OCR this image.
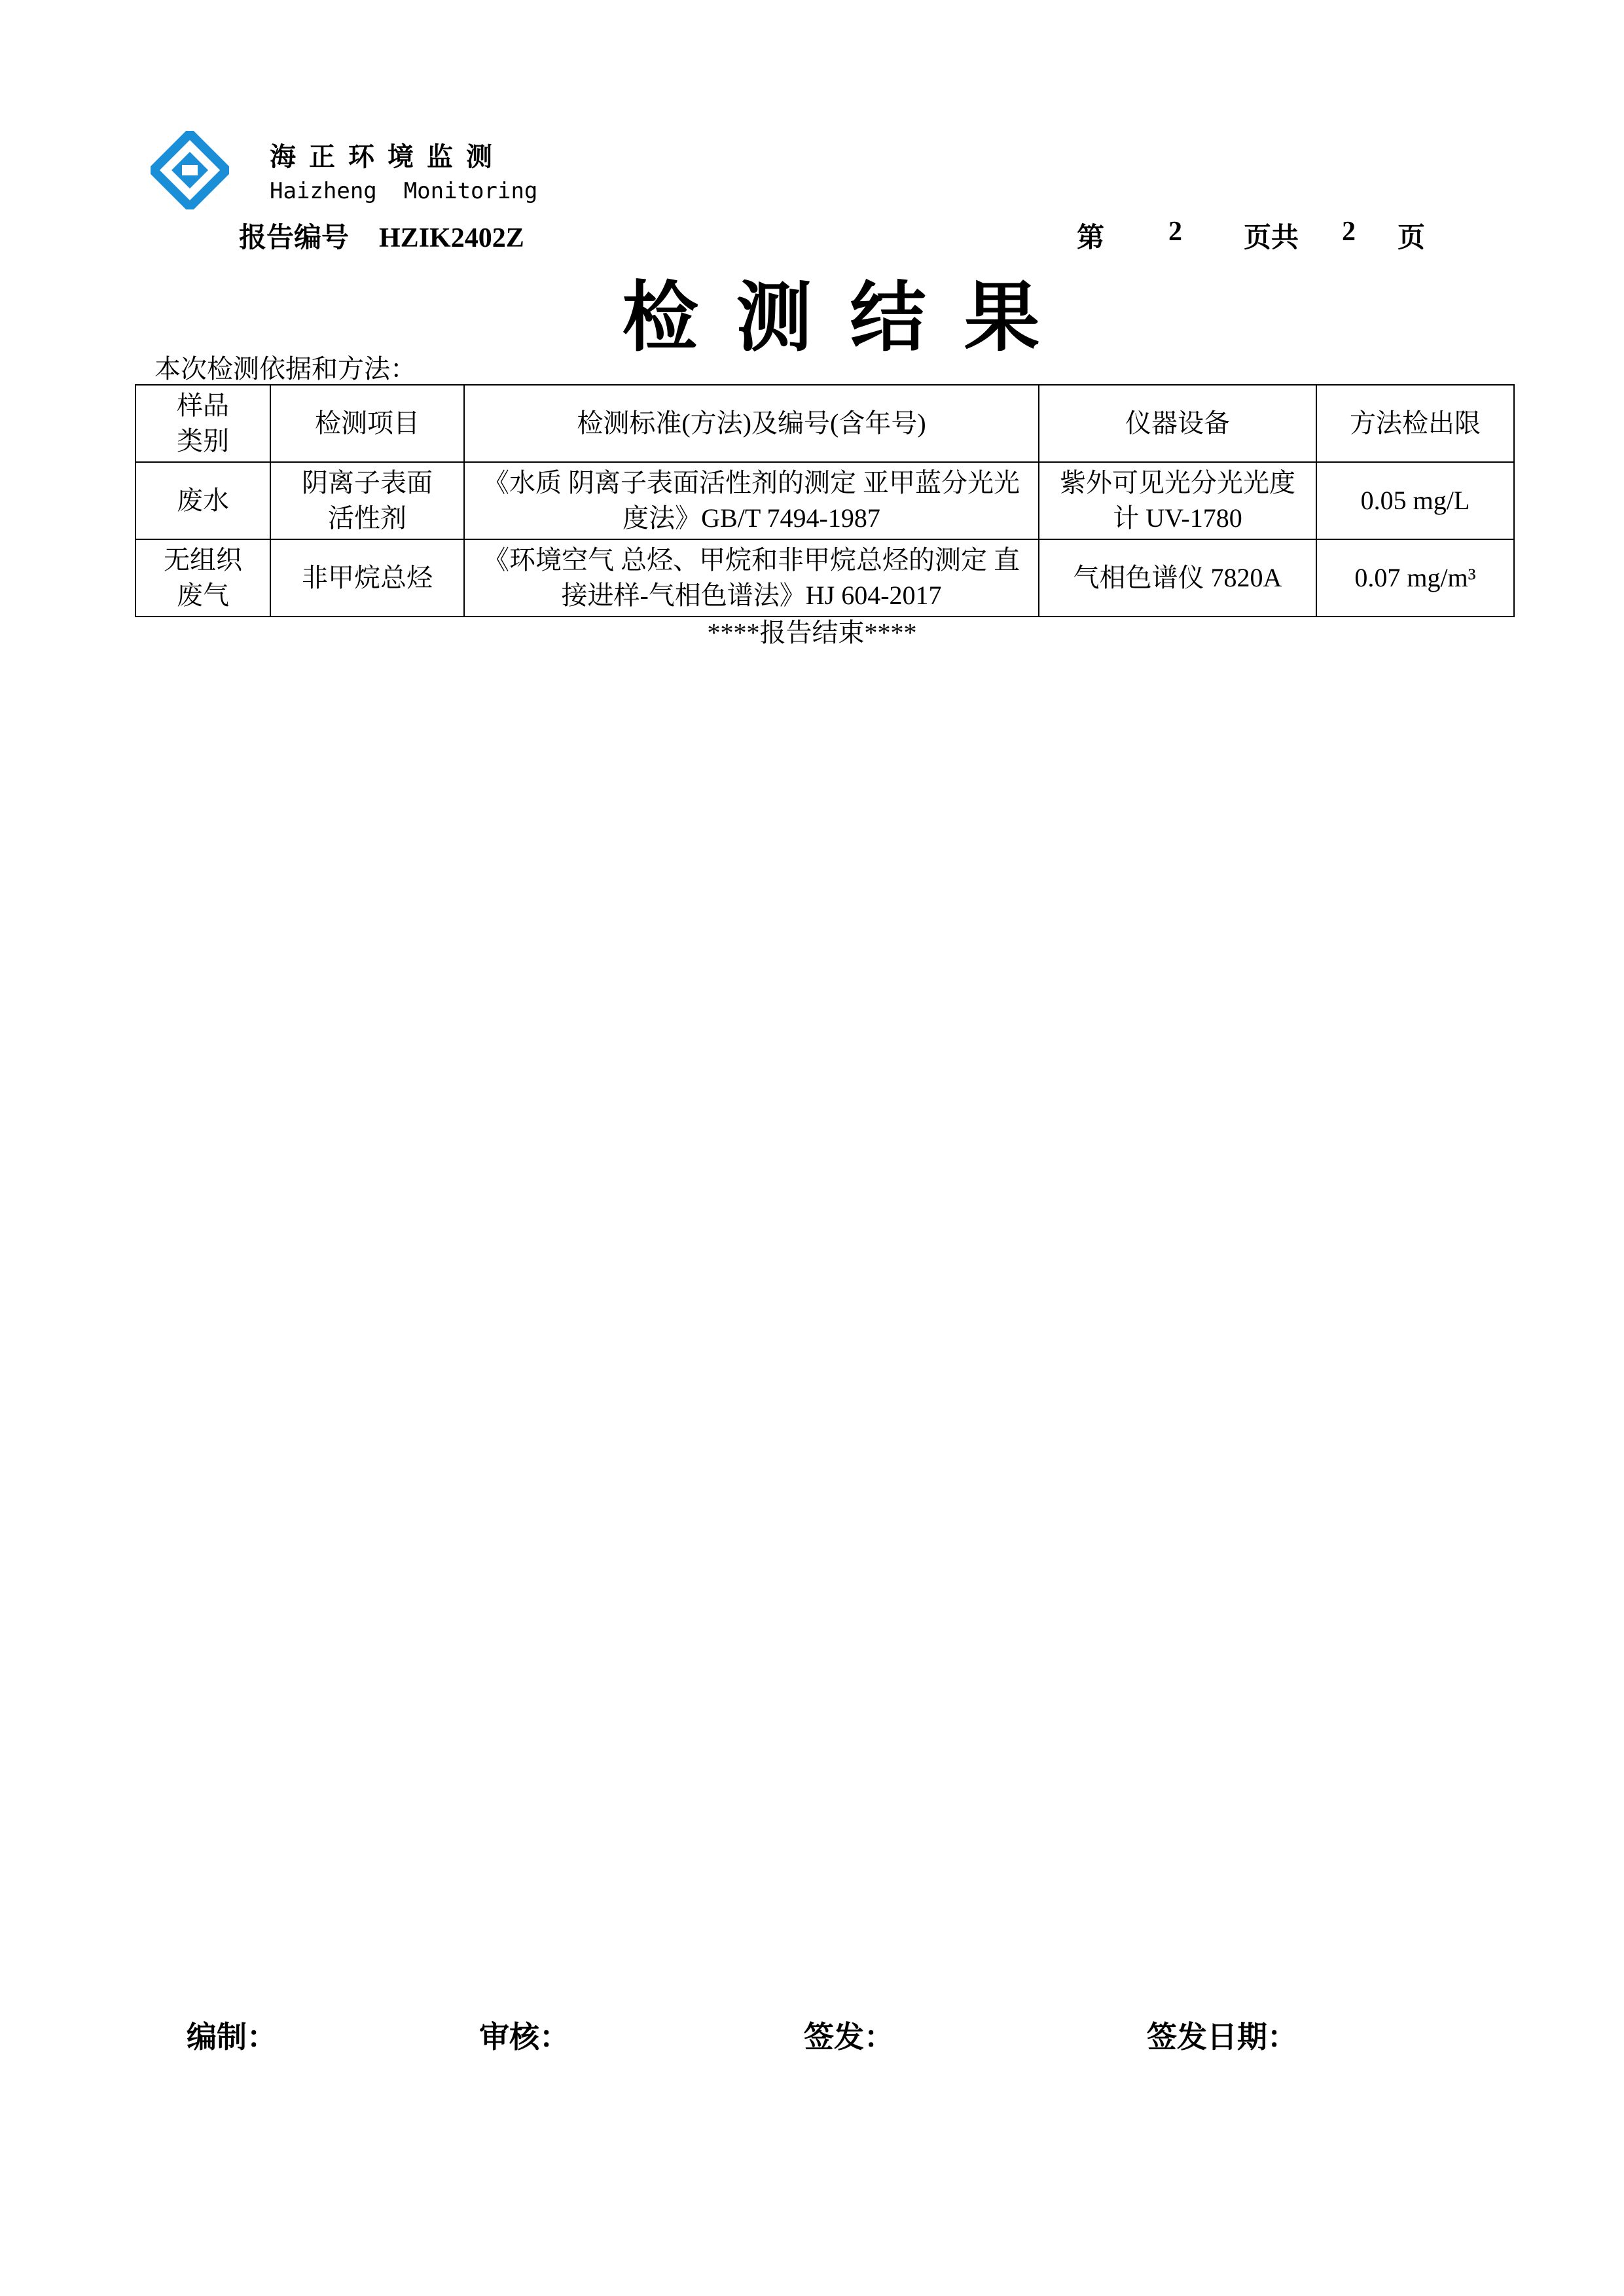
海正环境监测
Haizheng  Monitoring
报告编号 HZIK2402Z	第	2	页共	2	页
检测结果
本次检测依据和方法：
样品类别	检测项目	检测标准(方法)及编号(含年号)	仪器设备	方法检出限
废水	阴离子表面活性剂	《水质 阴离子表面活性剂的测定 亚甲蓝分光光度法》GB/T 7494-1987	紫外可见光分光光度计 UV-1780	0.05 mg/L
无组织废气	非甲烷总烃	《环境空气 总烃、甲烷和非甲烷总烃的测定 直接进样-气相色谱法》HJ 604-2017	气相色谱仪 7820A	0.07 mg/m³
****报告结束****
编制：	审核：	签发：	签发日期：
